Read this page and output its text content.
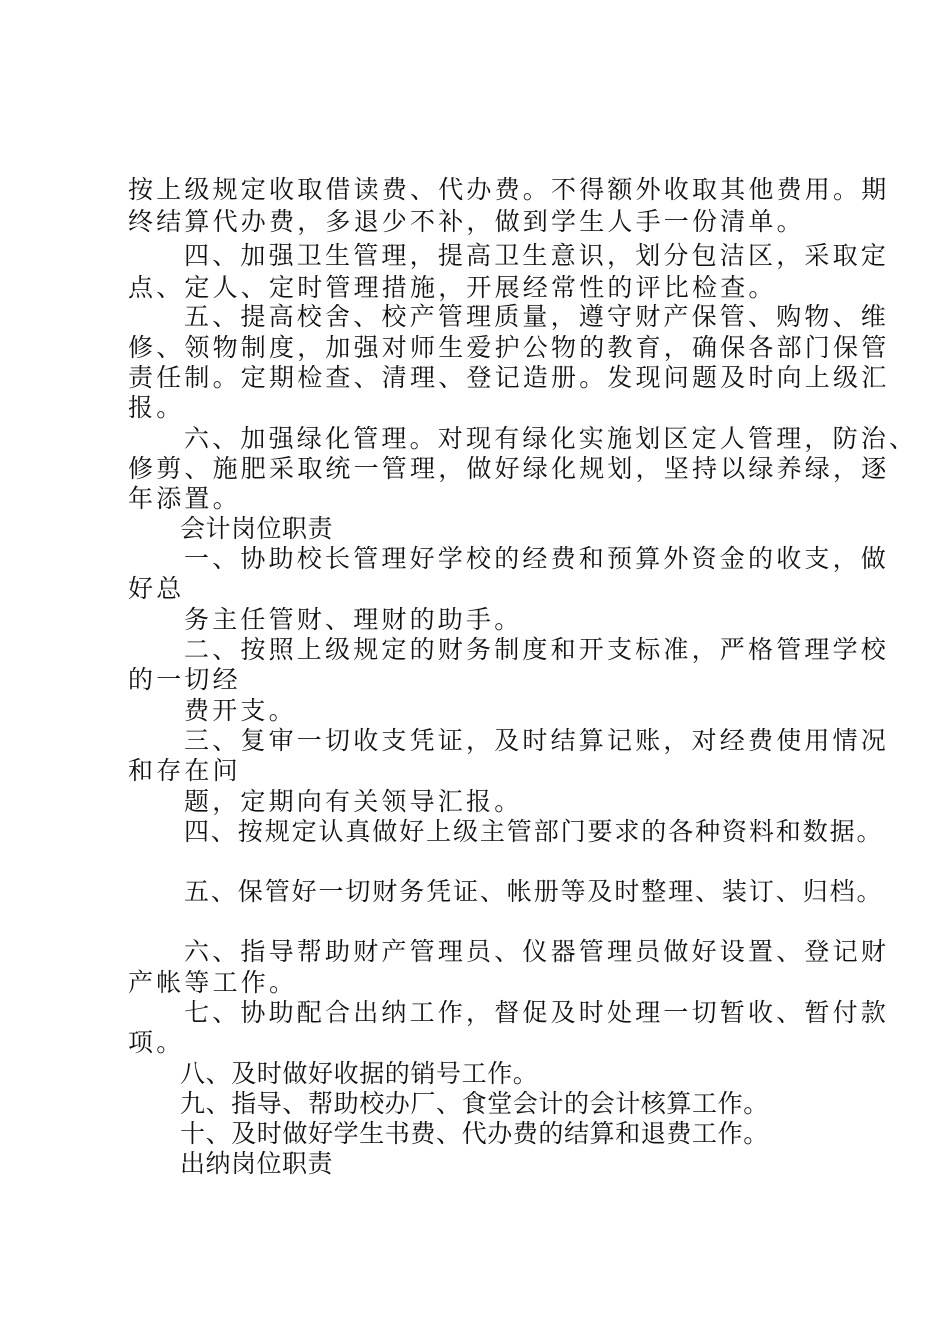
按上级规定收取借读费、代办费。不得额外收取其他费用。期
终结算代办费，多退少不补，做到学生人手一份清单。
四、加强卫生管理，提高卫生意识，划分包洁区，采取定
点、定人、定时管理措施，开展经常性的评比检查。
五、提高校舍、校产管理质量，遵守财产保管、购物、维
修、领物制度，加强对师生爱护公物的教育，确保各部门保管
责任制。定期检查、清理、登记造册。发现问题及时向上级汇
报。
六、加强绿化管理。对现有绿化实施划区定人管理，防治、
修剪、施肥采取统一管理，做好绿化规划，坚持以绿养绿，逐
年添置。
会计岗位职责
一、协助校长管理好学校的经费和预算外资金的收支，做
好总
务主任管财、理财的助手。
二、按照上级规定的财务制度和开支标准，严格管理学校
的一切经
费开支。
三、复审一切收支凭证，及时结算记账，对经费使用情况
和存在问
题，定期向有关领导汇报。
四、按规定认真做好上级主管部门要求的各种资料和数据。
五、保管好一切财务凭证、帐册等及时整理、装订、归档。
六、指导帮助财产管理员、仪器管理员做好设置、登记财
产帐等工作。
七、协助配合出纳工作，督促及时处理一切暂收、暂付款
项。
八、及时做好收据的销号工作。
九、指导、帮助校办厂、食堂会计的会计核算工作。
十、及时做好学生书费、代办费的结算和退费工作。
出纳岗位职责
